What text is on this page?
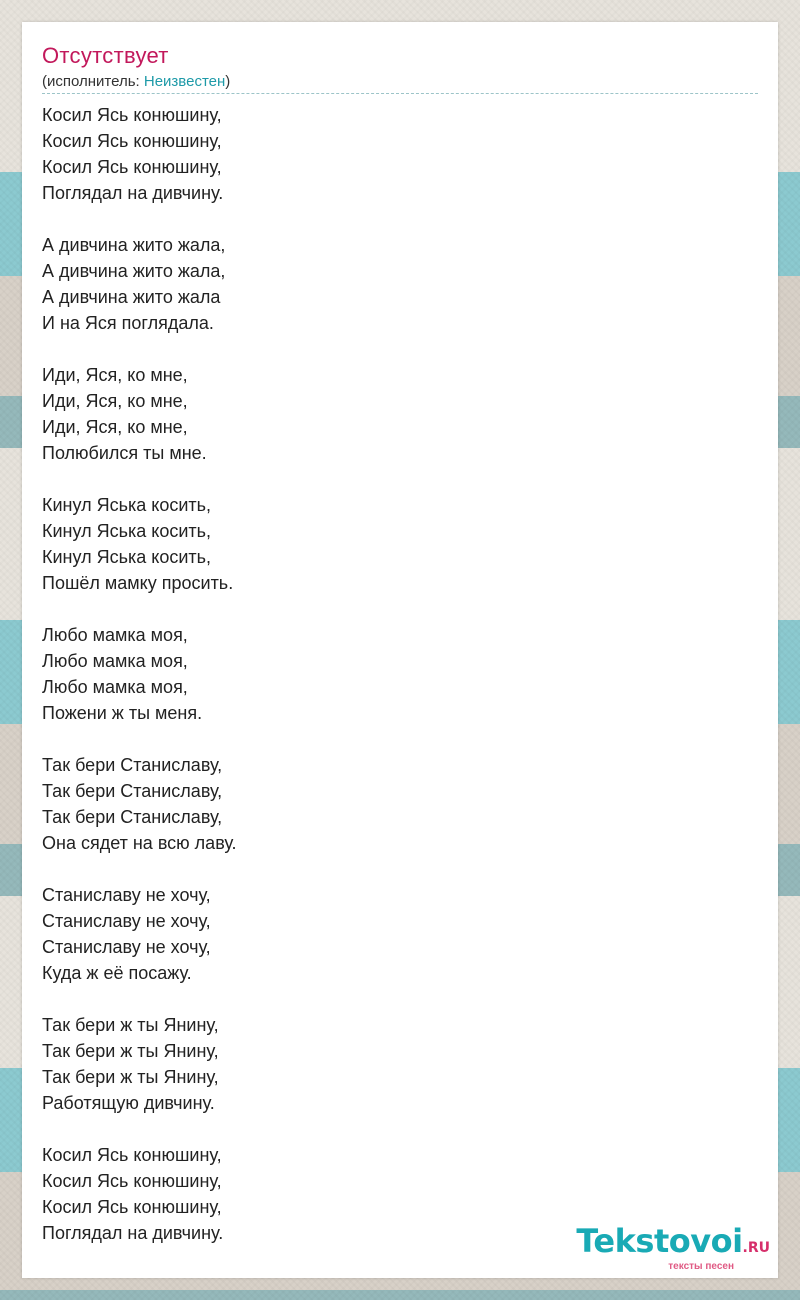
Отсутствует
(исполнитель: Неизвестен)
Косил Ясь конюшину,
Косил Ясь конюшину,
Косил Ясь конюшину,
Поглядал на дивчину.

А дивчина жито жала,
А дивчина жито жала,
А дивчина жито жала
И на Яся поглядала.

Иди, Яся, ко мне,
Иди, Яся, ко мне,
Иди, Яся, ко мне,
Полюбился ты мне.

Кинул Яська косить,
Кинул Яська косить,
Кинул Яська косить,
Пошёл мамку просить.

Любо мамка моя,
Любо мамка моя,
Любо мамка моя,
Пожени ж ты меня.

Так бери Станиславу,
Так бери Станиславу,
Так бери Станиславу,
Она сядет на всю лаву.

Станиславу не хочу,
Станиславу не хочу,
Станиславу не хочу,
Куда ж её посажу.

Так бери ж ты Янину,
Так бери ж ты Янину,
Так бери ж ты Янину,
Работящую дивчину.

Косил Ясь конюшину,
Косил Ясь конюшину,
Косил Ясь конюшину,
Поглядал на дивчину.	Tekstovoi.RU
тексты песен
